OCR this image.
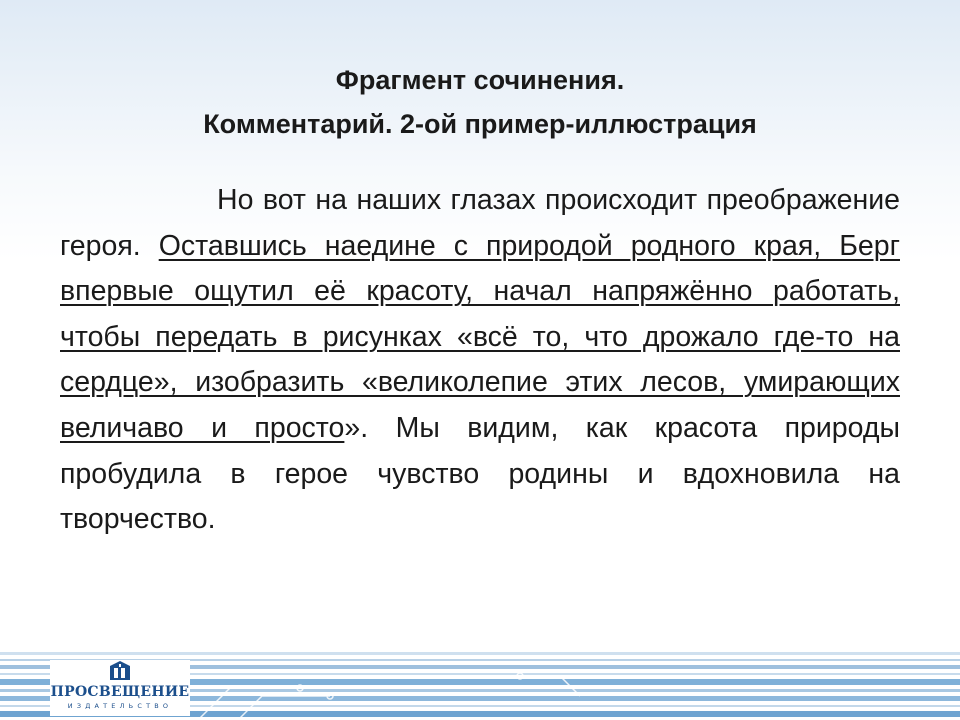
Фрагмент сочинения.
Комментарий. 2-ой пример-иллюстрация
Но вот на наших глазах происходит преображение героя. Оставшись наедине с природой родного края, Берг впервые ощутил её красоту, начал напряжённо работать, чтобы передать в рисунках «всё то, что дрожало где-то на сердце», изобразить «великолепие этих лесов, умирающих величаво и просто». Мы видим, как красота природы пробудила в герое чувство родины и вдохновила на творчество.
ПРОСВЕЩЕНИЕ
ИЗДАТЕЛЬСТВО
